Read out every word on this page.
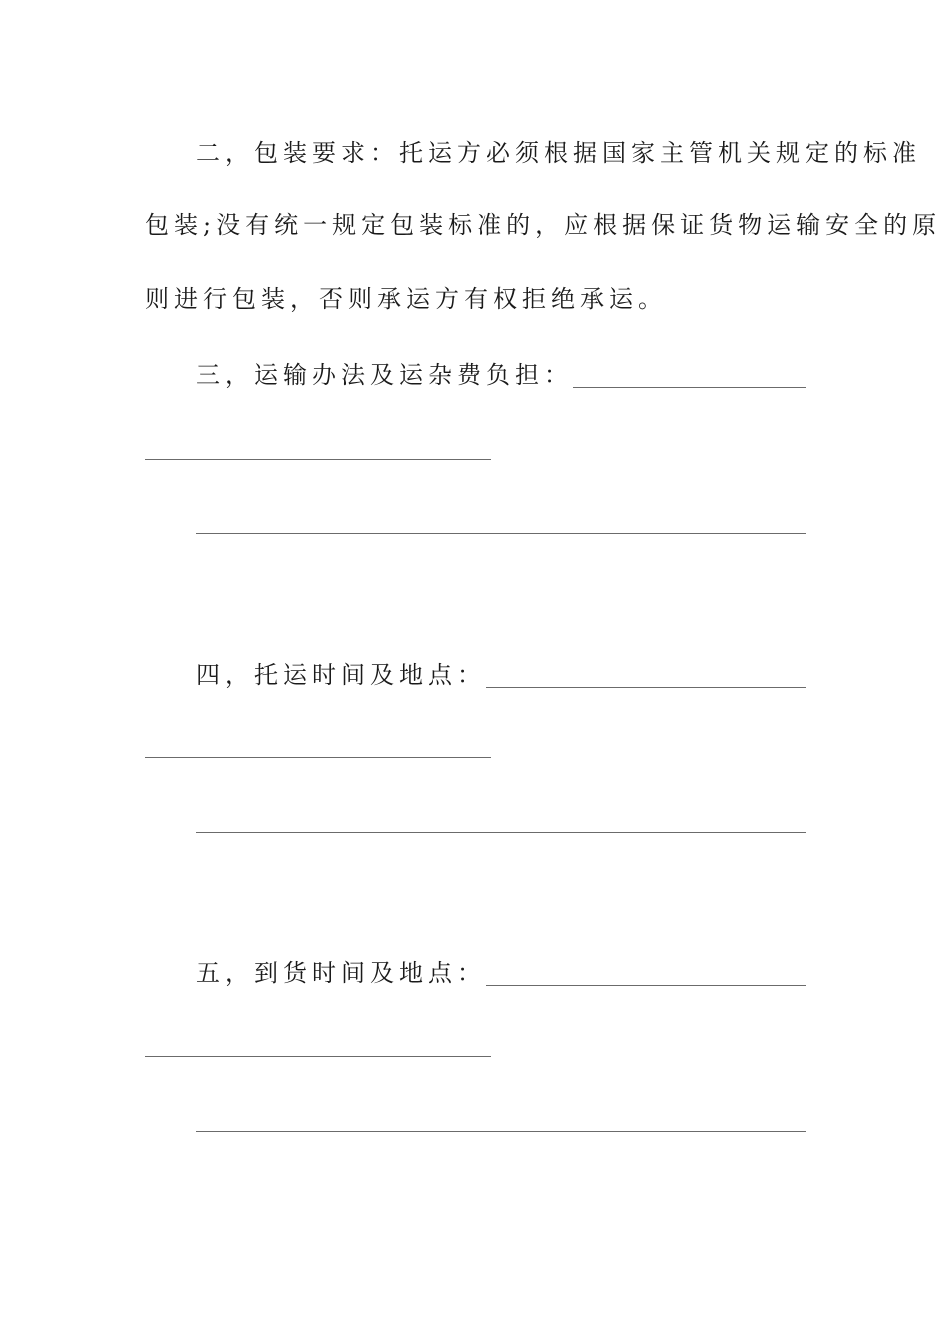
二，包装要求：托运方必须根据国家主管机关规定的标准
包装;没有统一规定包装标准的，应根据保证货物运输安全的原
则进行包装，否则承运方有权拒绝承运。
三，运输办法及运杂费负担：
四，托运时间及地点：
五，到货时间及地点：
